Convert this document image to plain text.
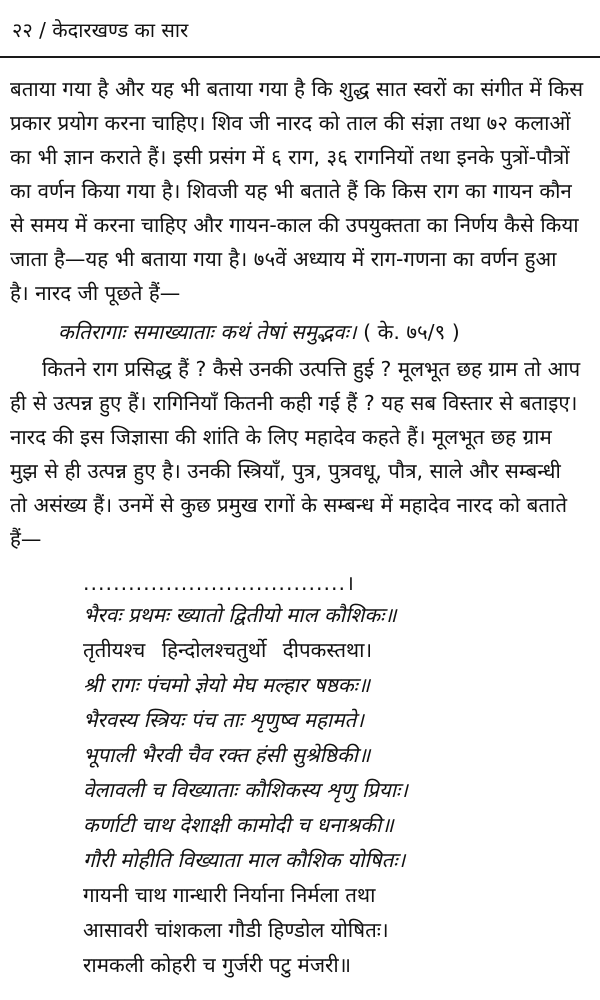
२२ / केदारखण्ड का सार
बताया गया है और यह भी बताया गया है कि शुद्ध सात स्वरों का संगीत में किस
प्रकार प्रयोग करना चाहिए। शिव जी नारद को ताल की संज्ञा तथा ७२ कलाओं
का भी ज्ञान कराते हैं। इसी प्रसंग में ६ राग, ३६ रागनियों तथा इनके पुत्रों-पौत्रों
का वर्णन किया गया है। शिवजी यह भी बताते हैं कि किस राग का गायन कौन
से समय में करना चाहिए और गायन-काल की उपयुक्तता का निर्णय कैसे किया
जाता है—यह भी बताया गया है। ७५वें अध्याय में राग-गणना का वर्णन हुआ
है। नारद जी पूछते हैं—
कतिरागाः समाख्याताः कथं तेषां समुद्भवः। ( के. ७५/९ )
कितने राग प्रसिद्ध हैं ? कैसे उनकी उत्पत्ति हुई ? मूलभूत छह ग्राम तो आप
ही से उत्पन्न हुए हैं। रागिनियाँ कितनी कही गई हैं ? यह सब विस्तार से बताइए।
नारद की इस जिज्ञासा की शांति के लिए महादेव कहते हैं। मूलभूत छह ग्राम
मुझ से ही उत्पन्न हुए है। उनकी स्त्रियाँ, पुत्र, पुत्रवधू, पौत्र, साले और सम्बन्धी
तो असंख्य हैं। उनमें से कुछ प्रमुख रागों के सम्बन्ध में महादेव नारद को बताते
हैं—
...................................।
भैरवः प्रथमः ख्यातो द्वितीयो माल कौशिकः॥
तृतीयश्च हिन्दोलश्चतुर्थो दीपकस्तथा।
श्री रागः पंचमो ज्ञेयो मेघ मल्हार षष्ठकः॥
भैरवस्य स्त्रियः पंच ताः शृणुष्व महामते।
भूपाली भैरवी चैव रक्त हंसी सुश्रेष्ठिकी॥
वेलावली च विख्याताः कौशिकस्य शृणु प्रियाः।
कर्णाटी चाथ देशाक्षी कामोदी च धनाश्रकी॥
गौरी मोहीति विख्याता माल कौशिक योषितः।
गायनी चाथ गान्धारी निर्याना निर्मला तथा
आसावरी चांशकला गौडी हिण्डोल योषितः।
रामकली कोहरी च गुर्जरी पटु मंजरी॥
